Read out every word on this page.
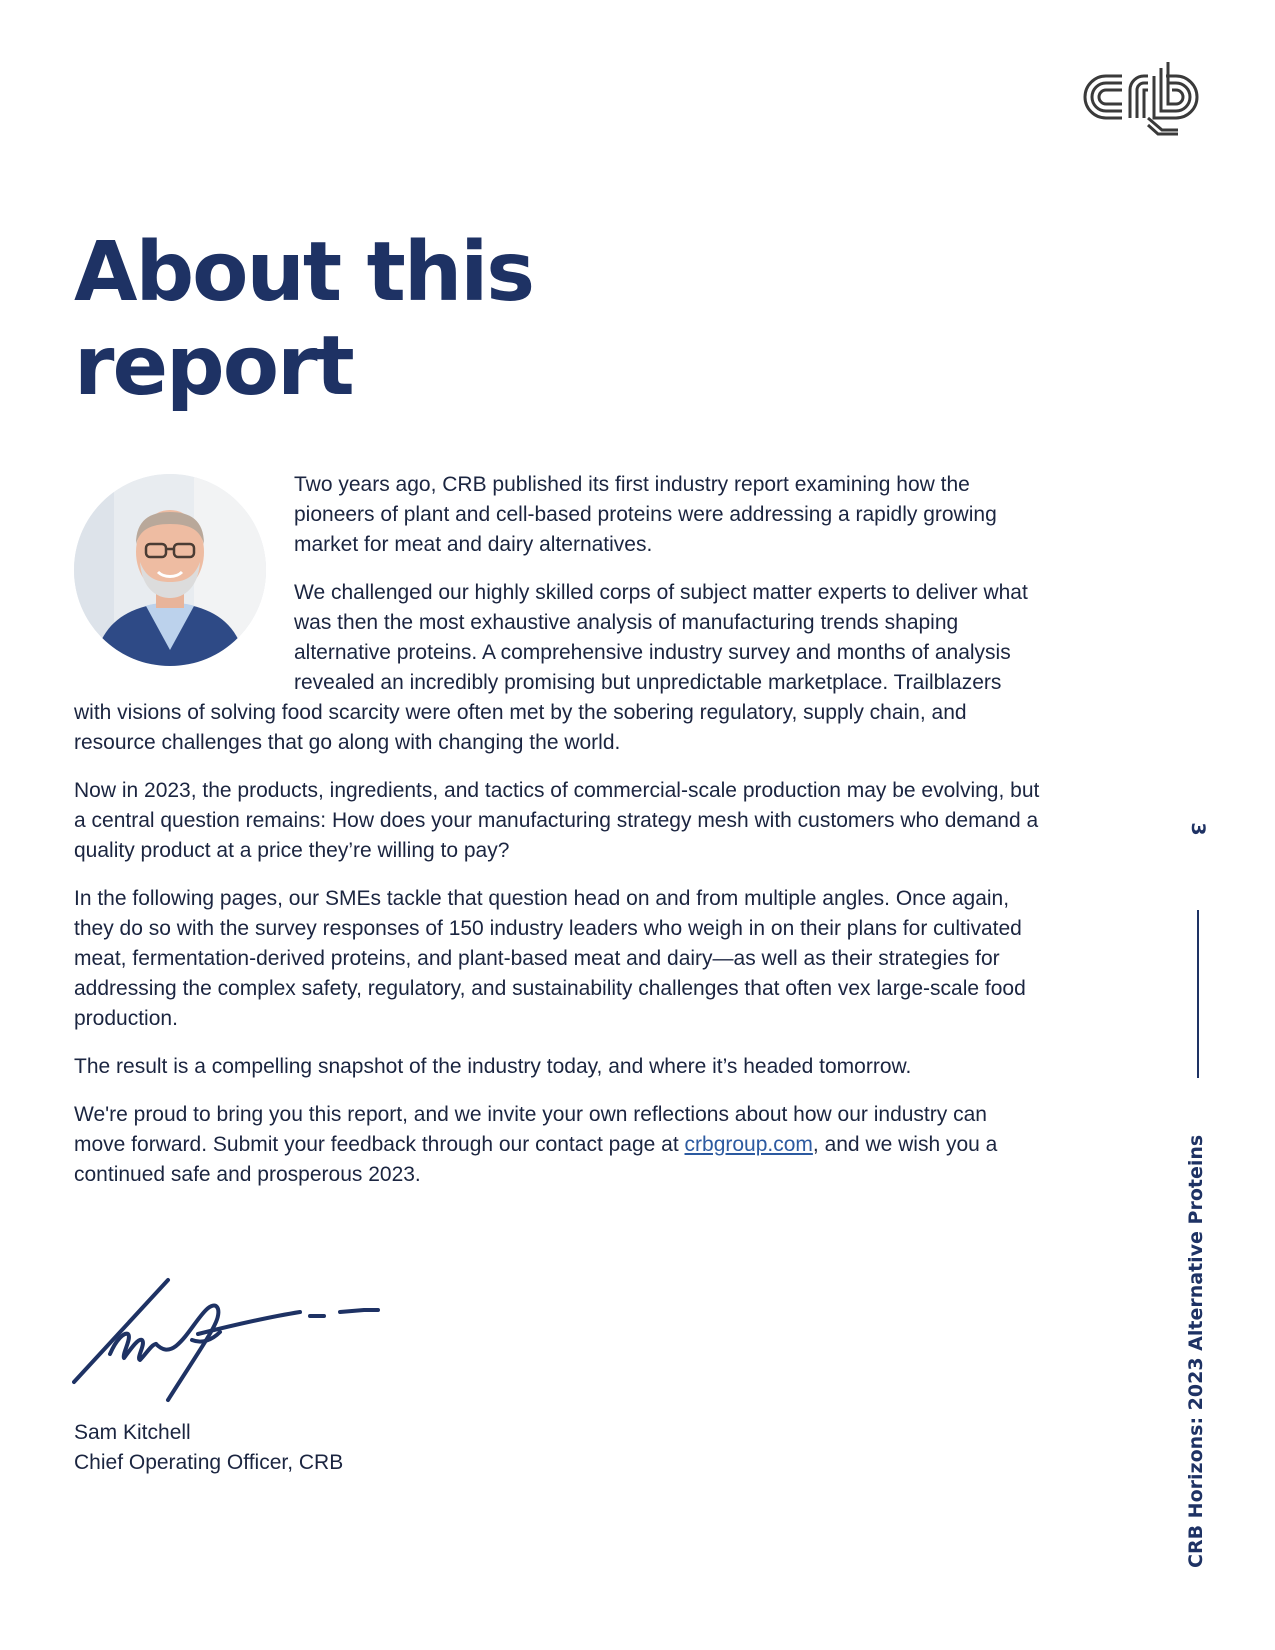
About this
report

Two years ago, CRB published its first industry report examining how the pioneers of plant and cell-based proteins were addressing a rapidly growing market for meat and dairy alternatives.

We challenged our highly skilled corps of subject matter experts to deliver what was then the most exhaustive analysis of manufacturing trends shaping alternative proteins. A comprehensive industry survey and months of analysis revealed an incredibly promising but unpredictable marketplace. Trailblazers with visions of solving food scarcity were often met by the sobering regulatory, supply chain, and resource challenges that go along with changing the world.

Now in 2023, the products, ingredients, and tactics of commercial-scale production may be evolving, but a central question remains: How does your manufacturing strategy mesh with customers who demand a quality product at a price they’re willing to pay?

In the following pages, our SMEs tackle that question head on and from multiple angles. Once again, they do so with the survey responses of 150 industry leaders who weigh in on their plans for cultivated meat, fermentation-derived proteins, and plant-based meat and dairy—as well as their strategies for addressing the complex safety, regulatory, and sustainability challenges that often vex large-scale food production.

The result is a compelling snapshot of the industry today, and where it’s headed tomorrow.

We're proud to bring you this report, and we invite your own reflections about how our industry can move forward. Submit your feedback through our contact page at crbgroup.com, and we wish you a continued safe and prosperous 2023.

Sam Kitchell
Chief Operating Officer, CRB
3
CRB Horizons: 2023 Alternative Proteins
